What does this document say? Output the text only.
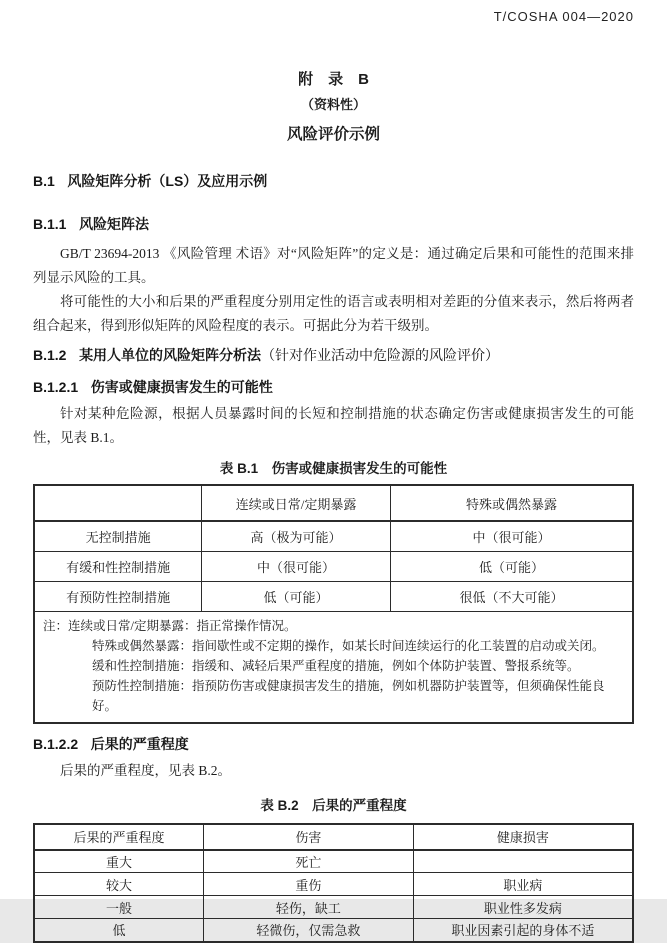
T/COSHA 004—2020
附　录　B
（资料性）
风险评价示例
B.1 风险矩阵分析（LS）及应用示例
B.1.1 风险矩阵法

GB/T 23694-2013 《风险管理 术语》对“风险矩阵”的定义是：通过确定后果和可能性的范围来排列显示风险的工具。

将可能性的大小和后果的严重程度分别用定性的语言或表明相对差距的分值来表示，然后将两者组合起来，得到形似矩阵的风险程度的表示。可据此分为若干级别。

B.1.2 某用人单位的风险矩阵分析法（针对作业活动中危险源的风险评价）
B.1.2.1 伤害或健康损害发生的可能性

针对某种危险源，根据人员暴露时间的长短和控制措施的状态确定伤害或健康损害发生的可能性，见表 B.1。

表 B.1　伤害或健康损害发生的可能性
	连续或日常/定期暴露	特殊或偶然暴露
无控制措施	高（极为可能）	中（很可能）
有缓和性控制措施	中（很可能）	低（可能）
有预防性控制措施	低（可能）	很低（不大可能）

注：连续或日常/定期暴露：指正常操作情况。
特殊或偶然暴露：指间歇性或不定期的操作，如某长时间连续运行的化工装置的启动或关闭。
缓和性控制措施：指缓和、减轻后果严重程度的措施，例如个体防护装置、警报系统等。
预防性控制措施：指预防伤害或健康损害发生的措施，例如机器防护装置等，但须确保性能良好。		
B.1.2.2 后果的严重程度

后果的严重程度，见表 B.2。

表 B.2　后果的严重程度
后果的严重程度	伤害	健康损害
重大	死亡	
较大	重伤	职业病
一般	轻伤，缺工	职业性多发病
低	轻微伤，仅需急救	职业因素引起的身体不适
